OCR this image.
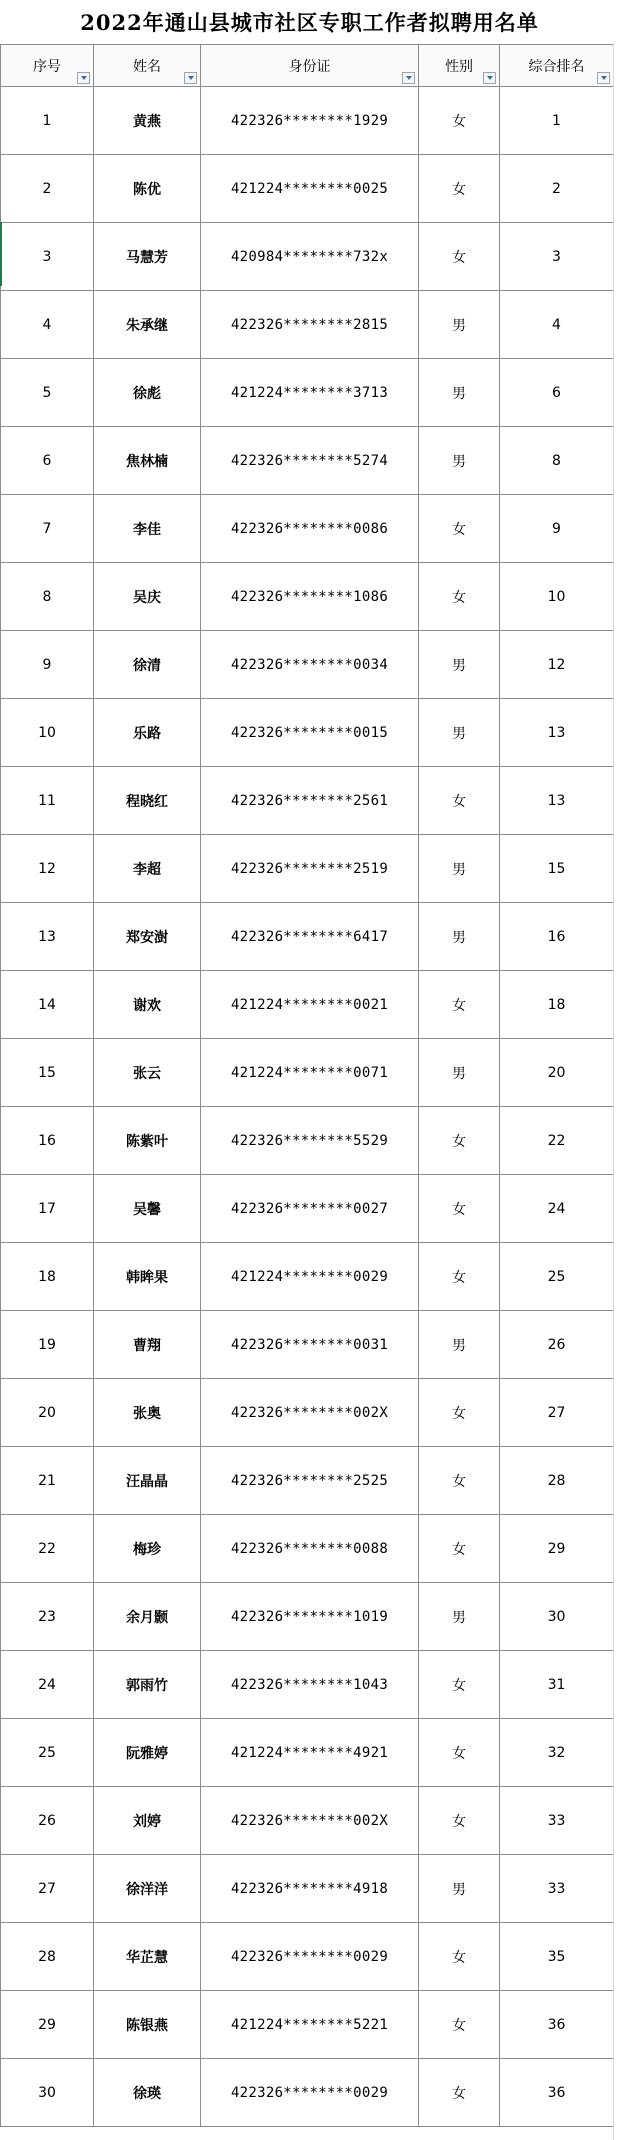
2022年通山县城市社区专职工作者拟聘用名单
序号	姓名	身份证	性别	综合排名

1	黄燕	422326********1929	女	1
2	陈优	421224********0025	女	2
3	马慧芳	420984********732x	女	3
4	朱承继	422326********2815	男	4
5	徐彪	421224********3713	男	6
6	焦林楠	422326********5274	男	8
7	李佳	422326********0086	女	9
8	吴庆	422326********1086	女	10
9	徐清	422326********0034	男	12
10	乐路	422326********0015	男	13
11	程晓红	422326********2561	女	13
12	李超	422326********2519	男	15
13	郑安澍	422326********6417	男	16
14	谢欢	421224********0021	女	18
15	张云	421224********0071	男	20
16	陈紫叶	422326********5529	女	22
17	吴馨	422326********0027	女	24
18	韩眸果	421224********0029	女	25
19	曹翔	422326********0031	男	26
20	张奥	422326********002X	女	27
21	汪晶晶	422326********2525	女	28
22	梅珍	422326********0088	女	29
23	余月颢	422326********1019	男	30
24	郭雨竹	422326********1043	女	31
25	阮雅婷	421224********4921	女	32
26	刘婷	422326********002X	女	33
27	徐洋洋	422326********4918	男	33
28	华芷慧	422326********0029	女	35
29	陈银燕	421224********5221	女	36
30	徐瑛	422326********0029	女	36
